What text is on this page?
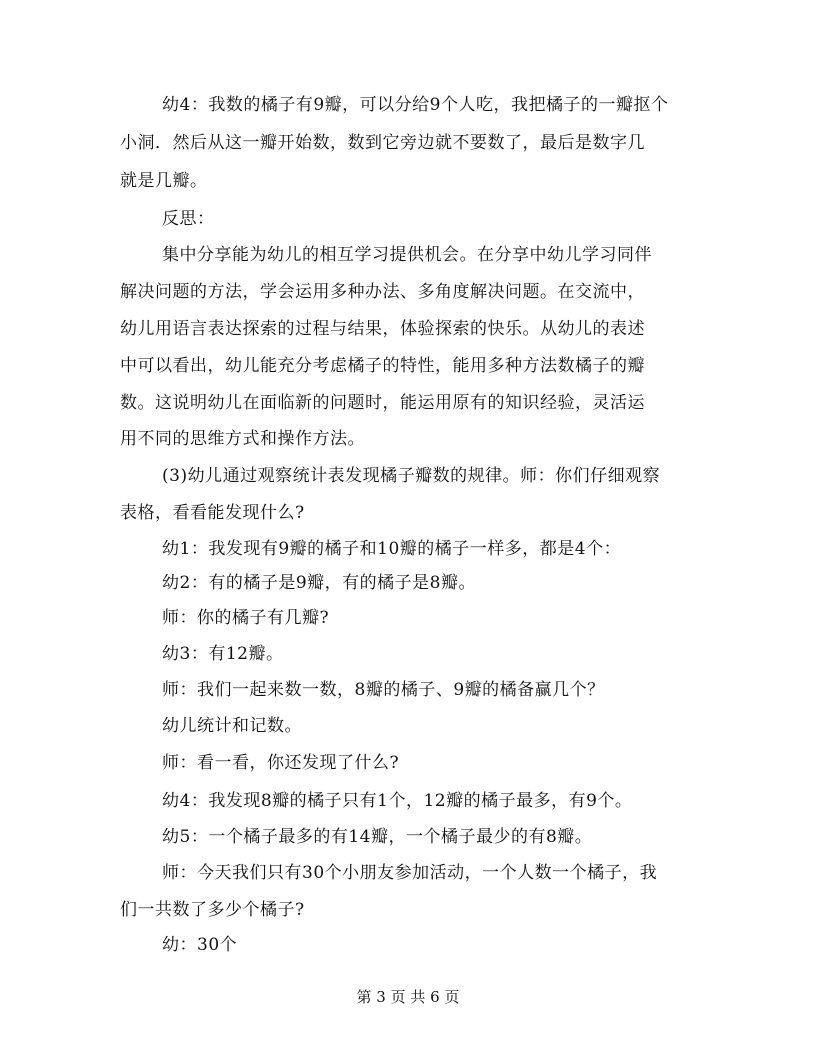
幼4：我数的橘子有9瓣，可以分给9个人吃，我把橘子的一瓣抠个
小洞．然后从这一瓣开始数，数到它旁边就不要数了，最后是数字几
就是几瓣。
反思：
集中分享能为幼儿的相互学习提供机会。在分享中幼儿学习同伴
解决问题的方法，学会运用多种办法、多角度解决问题。在交流中，
幼儿用语言表达探索的过程与结果，体验探索的快乐。从幼儿的表述
中可以看出，幼儿能充分考虑橘子的特性，能用多种方法数橘子的瓣
数。这说明幼儿在面临新的问题时，能运用原有的知识经验，灵活运
用不同的思维方式和操作方法。
(3)幼儿通过观察统计表发现橘子瓣数的规律。师：你们仔细观察
表格，看看能发现什么?
幼1：我发现有9瓣的橘子和10瓣的橘子一样多，都是4个：
幼2：有的橘子是9瓣，有的橘子是8瓣。
师：你的橘子有几瓣?
幼3：有12瓣。
师：我们一起来数一数，8瓣的橘子、9瓣的橘备赢几个？
幼儿统计和记数。
师：看一看，你还发现了什么?
幼4：我发现8瓣的橘子只有1个，12瓣的橘子最多，有9个。
幼5：一个橘子最多的有14瓣，一个橘子最少的有8瓣。
师：今天我们只有30个小朋友参加活动，一个人数一个橘子，我
们一共数了多少个橘子?
幼：30个
第 3 页 共 6 页
